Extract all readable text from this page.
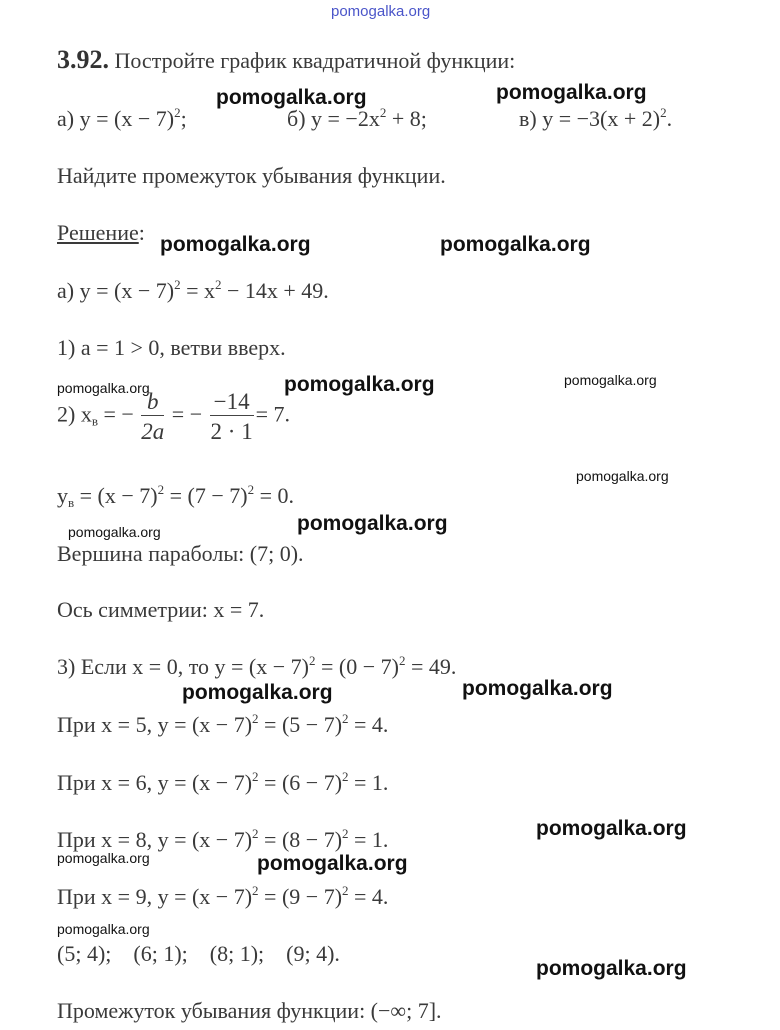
pomogalka.org
3.92. Постройте график квадратичной функции:
а) $y = (x - 7)^2$;	б) $y = -2x^2 + 8$;	в) $y = -3(x + 2)^2$.
Найдите промежуток убывания функции.
Решение:
а) $y = (x - 7)^2 = x^2 - 14x + 49$.
1) a = 1 > 0, ветви вверх.
2) $x_в$ = − $\frac{b}{2a}$ = − $\frac{-14}{2 \cdot 1} = 7$.
$y_в = (x - 7)^2 = (7 - 7)^2 = 0$.
Вершина параболы: (7; 0).
Ось симметрии: x = 7.
3) Если x = 0, то $y = (x - 7)^2 = (0 - 7)^2 = 49$.
При x = 5, $y = (x - 7)^2 = (5 - 7)^2 = 4$.
При x = 6, $y = (x - 7)^2 = (6 - 7)^2 = 1$.
При x = 8, $y = (x - 7)^2 = (8 - 7)^2 = 1$.
При x = 9, $y = (x - 7)^2 = (9 - 7)^2 = 4$.
(5; 4);    (6; 1);    (8; 1);    (9; 4).
Промежуток убывания функции: (−∞; 7].
pomogalka.org	pomogalka.org
pomogalka.org	pomogalka.org
pomogalka.org	pomogalka.org	pomogalka.org
pomogalka.org
pomogalka.org	pomogalka.org
pomogalka.org	pomogalka.org
pomogalka.org
pomogalka.org	pomogalka.org
pomogalka.org
pomogalka.org
